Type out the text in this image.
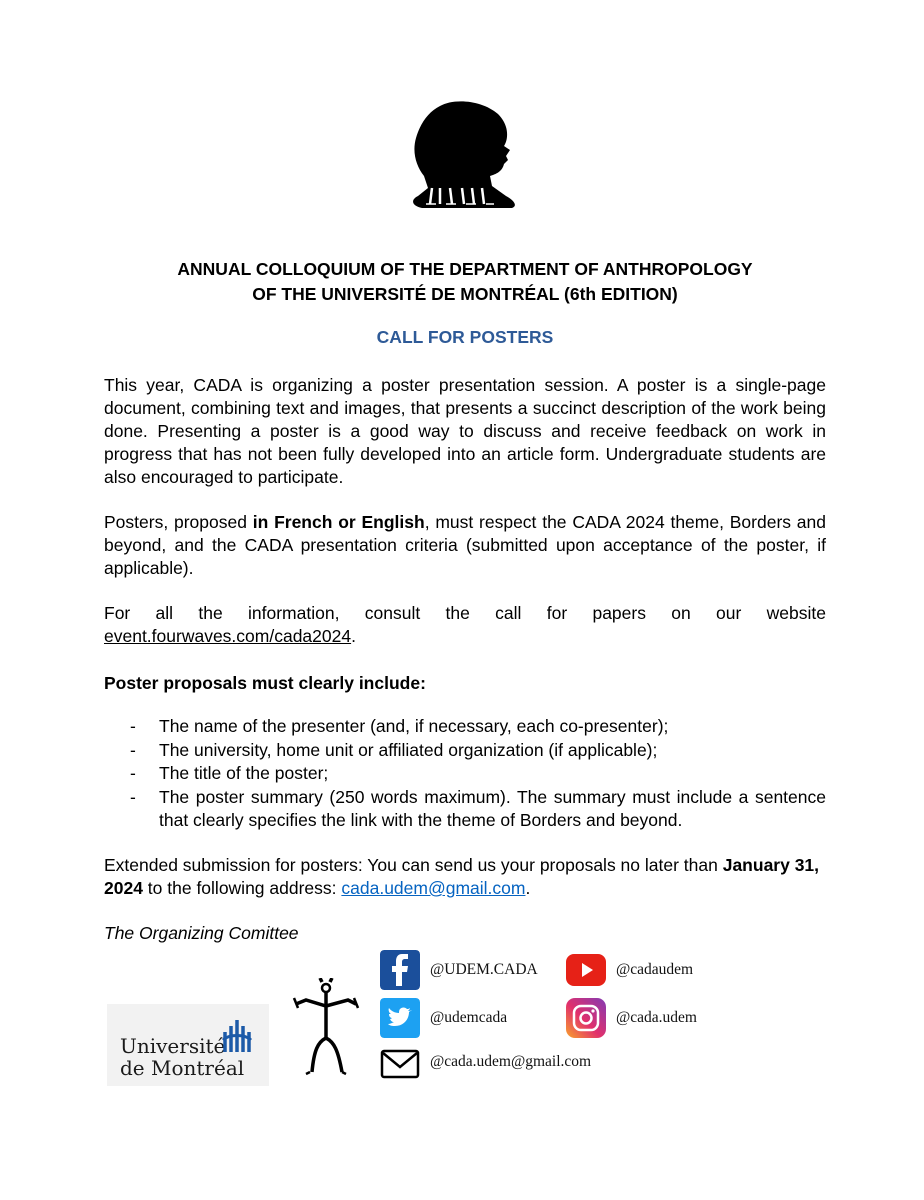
ANNUAL COLLOQUIUM OF THE DEPARTMENT OF ANTHROPOLOGY
OF THE UNIVERSITÉ DE MONTRÉAL (6th EDITION)
CALL FOR POSTERS
This year, CADA is organizing a poster presentation session. A poster is a single-page document, combining text and images, that presents a succinct description of the work being done. Presenting a poster is a good way to discuss and receive feedback on work in progress that has not been fully developed into an article form. Undergraduate students are also encouraged to participate.
Posters, proposed in French or English, must respect the CADA 2024 theme, Borders and beyond, and the CADA presentation criteria (submitted upon acceptance of the poster, if applicable).
For all the information, consult the call for papers on our website event.fourwaves.com/cada2024.
Poster proposals must clearly include:
- The name of the presenter (and, if necessary, each co-presenter);
- The university, home unit or affiliated organization (if applicable);
- The title of the poster;
- The poster summary (250 words maximum). The summary must include a sentence that clearly specifies the link with the theme of Borders and beyond.
Extended submission for posters: You can send us your proposals no later than January 31, 2024 to the following address: cada.udem@gmail.com.
The Organizing Comittee
Université
de Montréal
@UDEM.CADA	@cadaudem
@udemcada	@cada.udem
@cada.udem@gmail.com
